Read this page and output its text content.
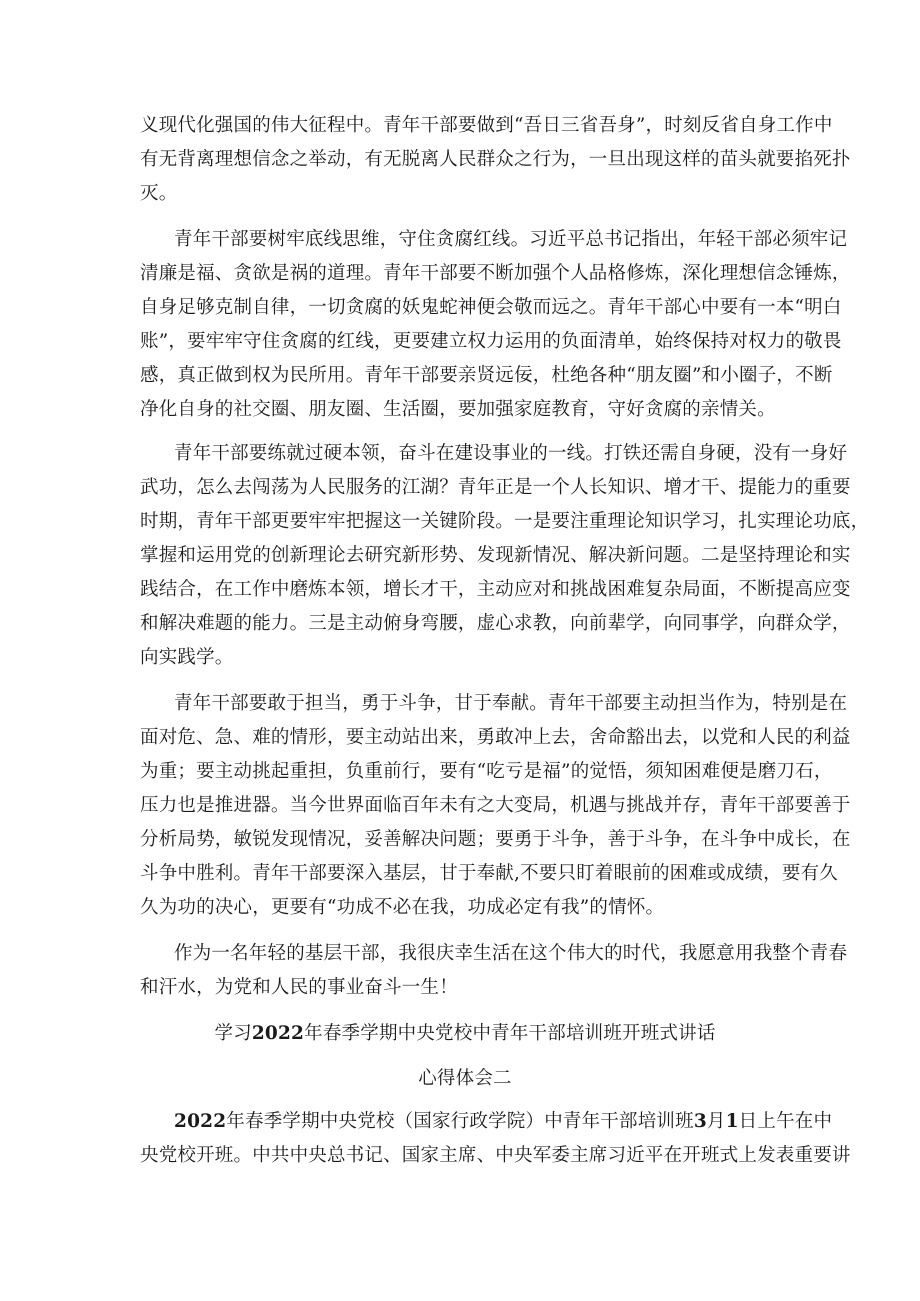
义现代化强国的伟大征程中。青年干部要做到“吾日三省吾身”，时刻反省自身工作中
有无背离理想信念之举动，有无脱离人民群众之行为，一旦出现这样的苗头就要掐死扑
灭。
青年干部要树牢底线思维，守住贪腐红线。习近平总书记指出，年轻干部必须牢记
清廉是福、贪欲是祸的道理。青年干部要不断加强个人品格修炼，深化理想信念锤炼，
自身足够克制自律，一切贪腐的妖鬼蛇神便会敬而远之。青年干部心中要有一本“明白
账”，要牢牢守住贪腐的红线，更要建立权力运用的负面清单，始终保持对权力的敬畏
感，真正做到权为民所用。青年干部要亲贤远佞，杜绝各种“朋友圈”和小圈子，不断
净化自身的社交圈、朋友圈、生活圈，要加强家庭教育，守好贪腐的亲情关。
青年干部要练就过硬本领，奋斗在建设事业的一线。打铁还需自身硬，没有一身好
武功，怎么去闯荡为人民服务的江湖？青年正是一个人长知识、增才干、提能力的重要
时期，青年干部更要牢牢把握这一关键阶段。一是要注重理论知识学习，扎实理论功底，
掌握和运用党的创新理论去研究新形势、发现新情况、解决新问题。二是坚持理论和实
践结合，在工作中磨炼本领，增长才干，主动应对和挑战困难复杂局面，不断提高应变
和解决难题的能力。三是主动俯身弯腰，虚心求教，向前辈学，向同事学，向群众学，
向实践学。
青年干部要敢于担当，勇于斗争，甘于奉献。青年干部要主动担当作为，特别是在
面对危、急、难的情形，要主动站出来，勇敢冲上去，舍命豁出去，以党和人民的利益
为重；要主动挑起重担，负重前行，要有“吃亏是福”的觉悟，须知困难便是磨刀石，
压力也是推进器。当今世界面临百年未有之大变局，机遇与挑战并存，青年干部要善于
分析局势，敏锐发现情况，妥善解决问题；要勇于斗争，善于斗争，在斗争中成长，在
斗争中胜利。青年干部要深入基层，甘于奉献,不要只盯着眼前的困难或成绩，要有久
久为功的决心，更要有“功成不必在我，功成必定有我”的情怀。
作为一名年轻的基层干部，我很庆幸生活在这个伟大的时代，我愿意用我整个青春
和汗水，为党和人民的事业奋斗一生！
学习2022年春季学期中央党校中青年干部培训班开班式讲话
心得体会二
2022年春季学期中央党校（国家行政学院）中青年干部培训班3月1日上午在中
央党校开班。中共中央总书记、国家主席、中央军委主席习近平在开班式上发表重要讲
